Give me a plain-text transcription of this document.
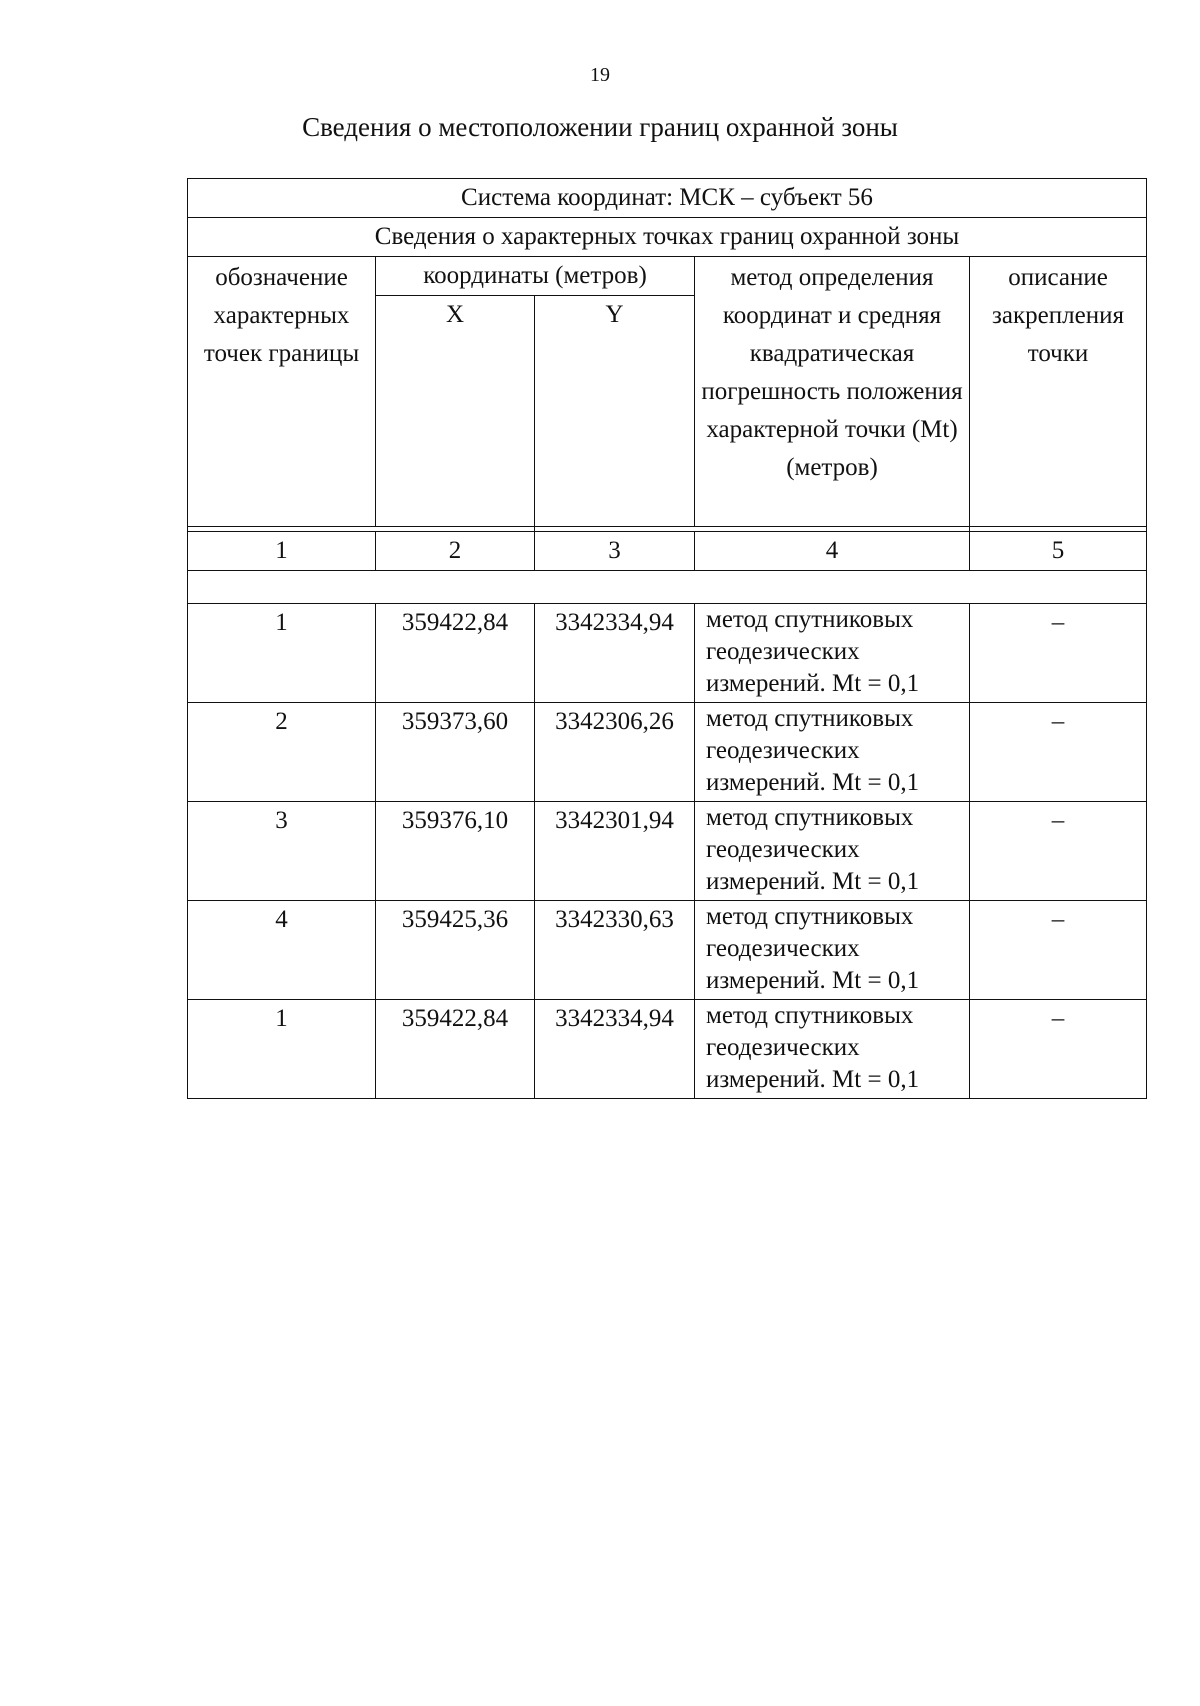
19
Сведения о местоположении границ охранной зоны
Система координат: МСК – субъект 56				
Сведения о характерных точках границ охранной зоны				

обозначение характерных точек границы	координаты (метров)		метод определения координат и средняя квадратическая погрешность положения характерной точки (Mt) (метров)	описание закрепления точки

	X	Y		

1	2	3	4	5

1	359422,84	3342334,94	метод спутниковых геодезических измерений. Mt = 0,1	–
2	359373,60	3342306,26	метод спутниковых геодезических измерений. Mt = 0,1	–
3	359376,10	3342301,94	метод спутниковых геодезических измерений. Mt = 0,1	–
4	359425,36	3342330,63	метод спутниковых геодезических измерений. Mt = 0,1	–
1	359422,84	3342334,94	метод спутниковых геодезических измерений. Mt = 0,1	–
